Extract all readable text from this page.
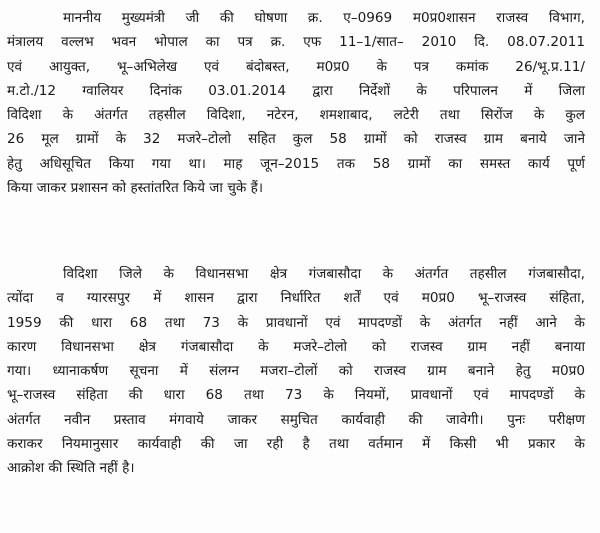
माननीय मुख्यमंत्री जी की घोषणा क्र. ए–0969 म0प्र0शासन राजस्व विभाग,
मंत्रालय वल्लभ भवन भोपाल का पत्र क्र. एफ 11–1/सात– 2010 दि. 08.07.2011
एवं आयुक्त, भू–अभिलेख एवं बंदोबस्त, म0प्र0 के पत्र कमांक 26/भू.प्र.11/
म.टो./12 ग्वालियर दिनांक 03.01.2014 द्वारा निर्देशों के परिपालन में जिला
विदिशा के अंतर्गत तहसील विदिशा, नटेरन, शमशाबाद, लटेरी तथा सिरोंज के कुल
26 मूल ग्रामों के 32 मजरे–टोलो सहित कुल 58 ग्रामों को राजस्व ग्राम बनाये जाने
हेतु अधिसूचित किया गया था। माह जून–2015 तक 58 ग्रामों का समस्त कार्य पूर्ण
किया जाकर प्रशासन को हस्तांतरित किये जा चुके हैं।

विदिशा जिले के विधानसभा क्षेत्र गंजबासौदा के अंतर्गत तहसील गंजबासौदा,
त्योंदा व ग्यारसपुर में शासन द्वारा निर्धारित शर्तें एवं म0प्र0 भू–राजस्व संहिता,
1959 की धारा 68 तथा 73 के प्रावधानों एवं मापदण्डों के अंतर्गत नहीं आने के
कारण विधानसभा क्षेत्र गंजबासौदा के मजरे–टोलो को राजस्व ग्राम नहीं बनाया
गया। ध्यानाकर्षण सूचना में संलग्न मजरा–टोलों को राजस्व ग्राम बनाने हेतु म0प्र0
भू–राजस्व संहिता की धारा 68 तथा 73 के नियमों, प्रावधानों एवं मापदण्डों के
अंतर्गत नवीन प्रस्ताव मंगवाये जाकर समुचित कार्यवाही की जावेगी। पुनः परीक्षण
कराकर नियमानुसार कार्यवाही की जा रही है तथा वर्तमान में किसी भी प्रकार के
आक्रोश की स्थिति नहीं है।
